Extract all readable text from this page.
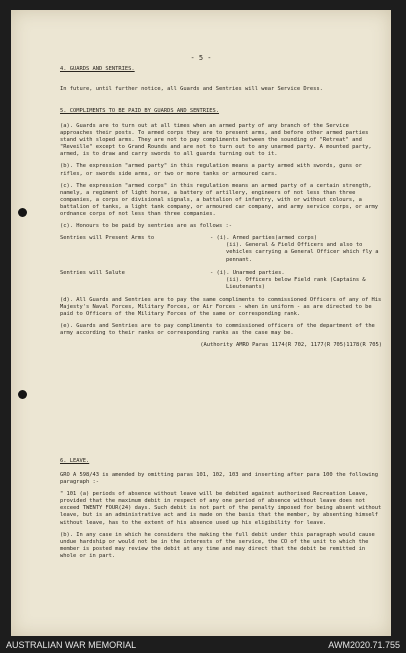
- 5 -
4. GUARDS AND SENTRIES.
In future, until further notice, all Guards and Sentries will wear Service Dress.
5. COMPLIMENTS TO BE PAID BY GUARDS AND SENTRIES.
(a). Guards are to turn out at all times when an armed party of any branch of the Service approaches their posts. To armed corps they are to present arms, and before other armed parties stand with sloped arms. They are not to pay compliments between the sounding of "Retreat" and "Reveille" except to Grand Rounds and are not to turn out to any unarmed party. A mounted party, armed, is to draw and carry swords to all guards turning out to it.
(b). The expression "armed party" in this regulation means a party armed with swords, guns or rifles, or swords side arms, or two or more tanks or armoured cars.
(c). The expression "armed corps" in this regulation means an armed party of a certain strength, namely, a regiment of light horse, a battery of artillery, engineers of not less than three companies, a corps or divisional signals, a battalion of infantry, with or without colours, a battalion of tanks, a light tank company, or armoured car company, and army service corps, or army ordnance corps of not less than three companies.
(c). Honours to be paid by sentries are as follows :-
Sentries will Present Arms to	- (i). Armed parties(armed corps)
(ii). General & Field Officers and also to vehicles carrying a General Officer which fly a pennant.
Sentries will Salute	- (i). Unarmed parties.
(ii). Officers below Field rank (Captains & Lieutenants)
(d). All Guards and Sentries are to pay the same compliments to commissioned Officers of any of His Majesty's Naval Forces, Military Forces, or Air Forces - when in uniform - as are directed to be paid to Officers of the Military Forces of the same or corresponding rank.
(e). Guards and Sentries are to pay compliments to commissioned officers of the department of the army according to their ranks or corresponding ranks as the case may be.
(Authority AMRO Paras 1174(R 702, 1177(R 705)1178(R 705)
6. LEAVE.
GRO A 598/43 is amended by omitting paras 101, 102, 103 and inserting after para 100 the following paragraph :-
" 101 (a) periods of absence without leave will be debited against authorised Recreation Leave, provided that the maximum debit in respect of any one period of absence without leave does not exceed TWENTY FOUR(24) days. Such debit is not part of the penalty imposed for being absent without leave, but is an administrative act and is made on the basis that the member, by absenting himself without leave, has to the extent of his absence used up his eligibility for leave.
(b). In any case in which he considers the making the full debit under this paragraph would cause undue hardship or would not be in the interests of the service, the CO of the unit to which the member is posted may review the debit at any time and may direct that the debit be remitted in whole or in part.
AUSTRALIAN WAR MEMORIAL	AWM2020.71.755
